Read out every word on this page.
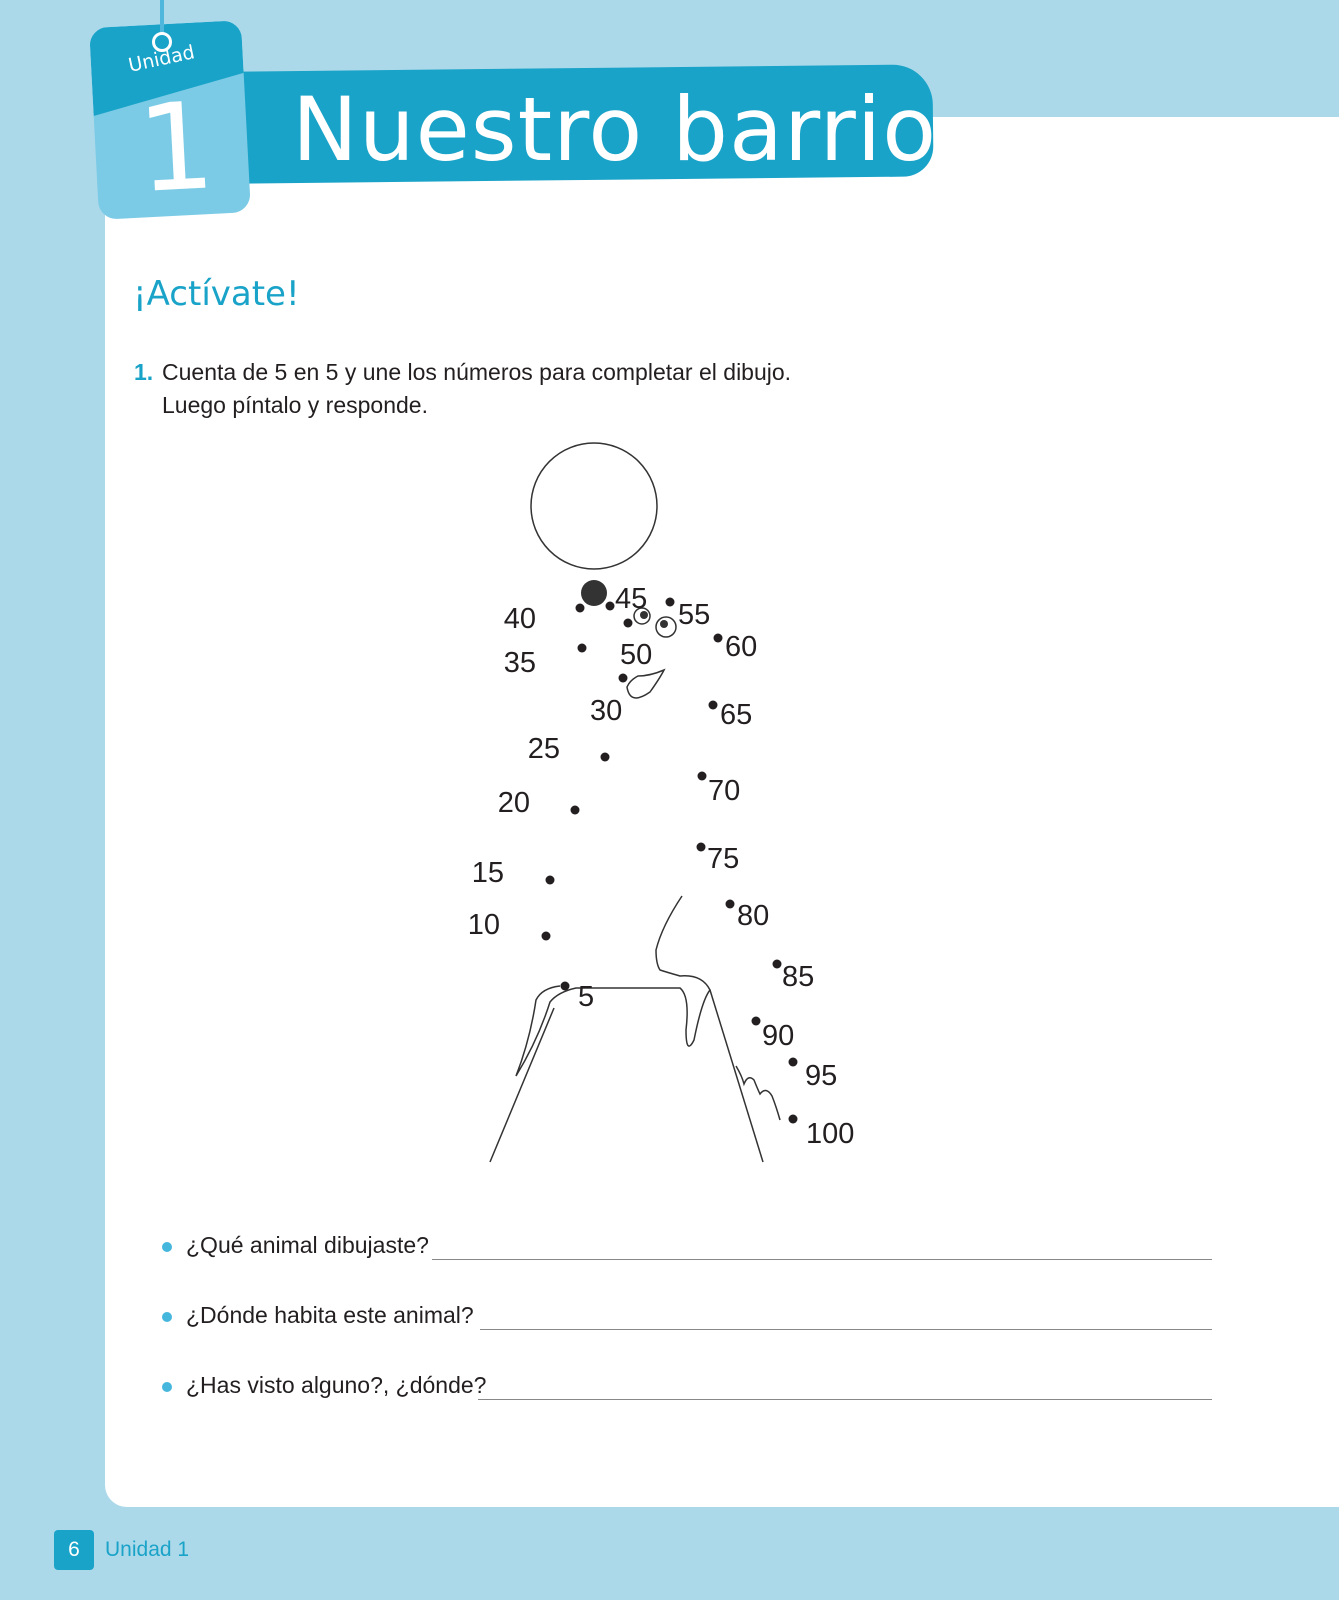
Nuestro barrio
Unidad
1
¡Actívate!
1. Cuenta de 5 en 5 y une los números para completar el dibujo.
Luego píntalo y responde.
5
10
15
20
25
30
35
40
45
50
55
60
65
70
75
80
85
90
95
100
¿Qué animal dibujaste?
¿Dónde habita este animal?
¿Has visto alguno?, ¿dónde?
6	Unidad 1
